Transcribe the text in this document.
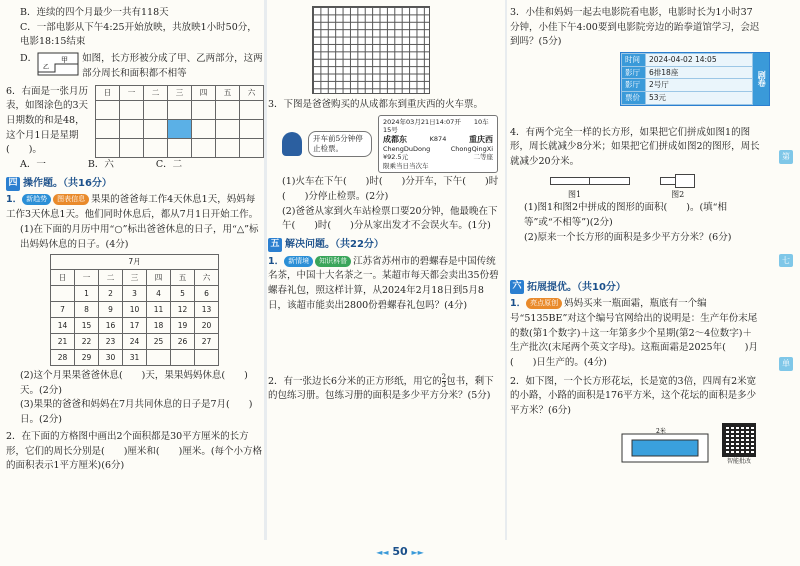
B．连续的四个月最少一共有118天

C．一部电影从下午4:25开始放映，共放映1小时50分，电影18:15结束

D．	甲
乙
如图，长方形被分成了甲、乙两部分，这两部分周长和面积都不相等

6．右面是一张月历表，如图涂色的3天日期数的和是48，这个月1日是星期(　　)。

日	一	二	三	四	五	六

A．一	B．六	C．二
四 操作题。（共16分）

1． 新趋势 图表信息 果果的爸爸每工作4天休息1天，妈妈每工作3天休息1天。他们同时休息后，都从7月1日开始工作。

(1)在下面的月历中用“○”标出爸爸休息的日子，用“△”标出妈妈休息的日子。(4分)

7月
日	一	二	三	四	五	六
	1	2	3	4	5	6
7	8	9	10	11	12	13
14	15	16	17	18	19	20
21	22	23	24	25	26	27
28	29	30	31			

(2)这个月果果爸爸休息(　　)天，果果妈妈休息(　　)天。(2分)

(3)果果的爸爸和妈妈在7月共同休息的日子是7月(　　)日。(2分)

2．在下面的方格图中画出2个面积都是30平方厘米的长方形，它们的周长分别是(　　)厘米和(　　)厘米。(每个小方格的面积表示1平方厘米)(6分)

3．下图是爸爸购买的从成都东到重庆西的火车票。

开车前5分钟停止检票。
2024年03月21日14:07开　　10车15号
成都东	K874	重庆西
ChengDuDong	ChongQingXi
¥92.5元	二等座
限乘当日当次车

(1)火车在下午(　　)时(　　)分开车，下午(　　)时(　　)分停止检票。(2分)

(2)爸爸从家到火车站检票口要20分钟，他最晚在下午(　　)时(　　)分从家出发才不会误火车。(1分)

五 解决问题。（共22分）

1． 新情境 知识科普 江苏省苏州市的碧螺春是中国传统名茶，中国十大名茶之一。某超市每天都会卖出35份碧螺春礼包，照这样计算，从2024年2月18日到5月8日，该超市能卖出2800份碧螺春礼包吗？(4分)

2．有一张边长6分米的正方形纸，用它的 $\frac{2}{3}$ 包书，剩下的包练习册。包练习册的面积是多少平方分米？(5分)

3．小佳和妈妈一起去电影院看电影，电影时长为1小时37分钟，小佳下午4:00要到电影院旁边的跆拳道馆学习，会迟到吗？(5分)

时间	2024-04-02 14:05
影厅	6排18座
影厅	2号厅
票价	53元
剧卷

4．有两个完全一样的长方形，如果把它们拼成如图1的图形，周长就减少8分米；如果把它们拼成如图2的图形，周长就减少20分米。

图1	图2

(1)图1和图2中拼成的图形的面积(　　)。(填“相等”或“不相等”)(2分)

(2)原来一个长方形的面积是多少平方分米？(6分)

六 拓展提优。（共10分）

1． 亮点原创 妈妈买来一瓶面霜，瓶底有一个编号“5135BE”对这个编号官网给出的说明是：生产年份末尾的数(第1个数字)＋这一年第多少个星期(第2～4位数字)＋生产批次(末尾两个英文字母)。这瓶面霜是2025年(　　)月(　　)日生产的。(4分)

2．如下图，一个长方形花坛，长是宽的3倍，四周有2米宽的小路，小路的面积是176平方米，这个花坛的面积是多少平方米？(6分)

2米
智能批改
第
七
单
◄◄ 50 ►►
